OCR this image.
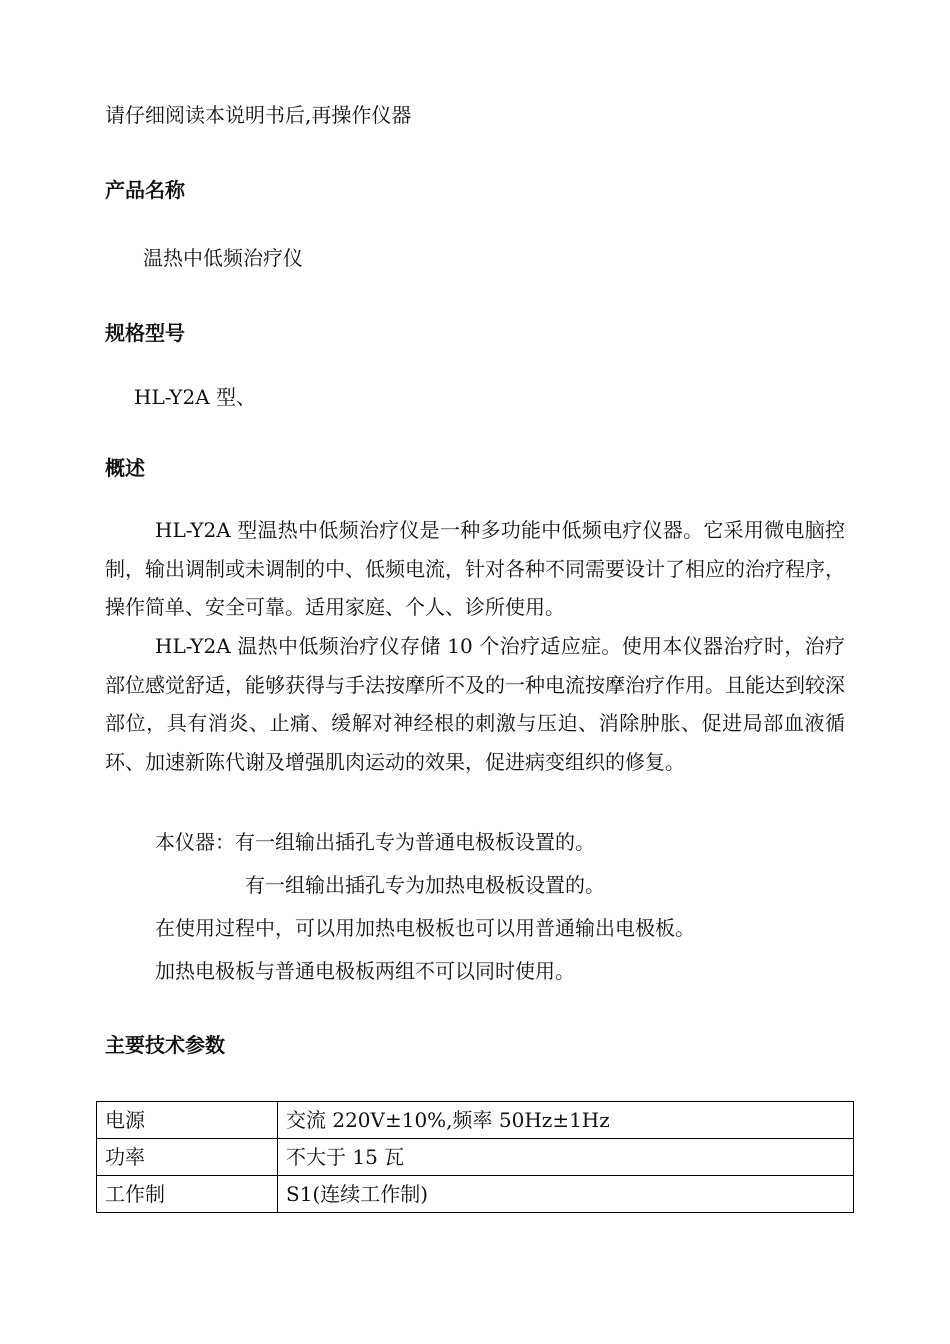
请仔细阅读本说明书后,再操作仪器
产品名称
温热中低频治疗仪
规格型号
HL-Y2A 型、
概述
HL-Y2A 型温热中低频治疗仪是一种多功能中低频电疗仪器。它采用微电脑控制，输出调制或未调制的中、低频电流，针对各种不同需要设计了相应的治疗程序，操作简单、安全可靠。适用家庭、个人、诊所使用。
HL-Y2A 温热中低频治疗仪存储 10 个治疗适应症。使用本仪器治疗时，治疗部位感觉舒适，能够获得与手法按摩所不及的一种电流按摩治疗作用。且能达到较深部位，具有消炎、止痛、缓解对神经根的刺激与压迫、消除肿胀、促进局部血液循环、加速新陈代谢及增强肌肉运动的效果，促进病变组织的修复。
本仪器：有一组输出插孔专为普通电极板设置的。
有一组输出插孔专为加热电极板设置的。
在使用过程中，可以用加热电极板也可以用普通输出电极板。
加热电极板与普通电极板两组不可以同时使用。
主要技术参数
电源	交流 220V±10%,频率 50Hz±1Hz
功率	不大于 15 瓦
工作制	S1(连续工作制)
